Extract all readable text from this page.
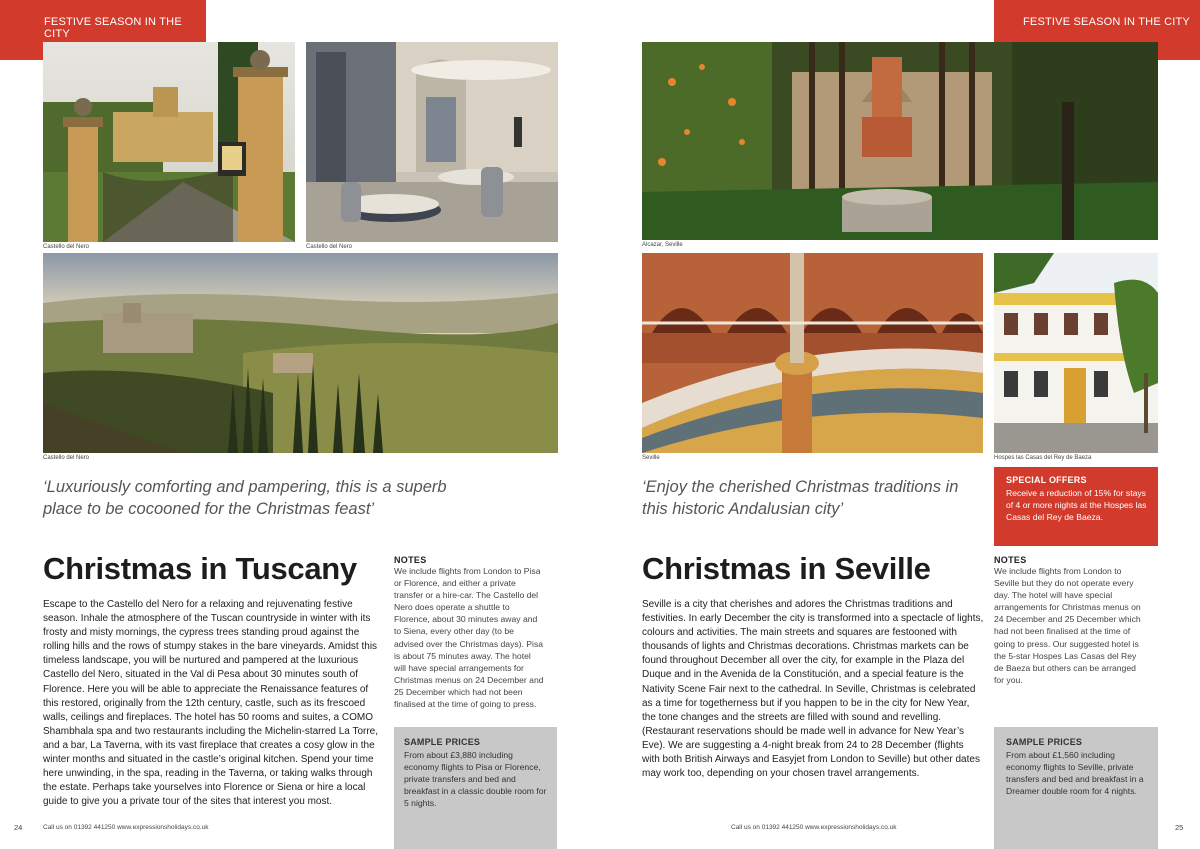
FESTIVE SEASON IN THE CITY
Castello del Nero	Castello del Nero
Castello del Nero
‘Luxuriously comforting and pampering, this is a superb place to be cocooned for the Christmas feast’
Christmas in Tuscany
Escape to the Castello del Nero for a relaxing and rejuvenating festive season. Inhale the atmosphere of the Tuscan countryside in winter with its frosty and misty mornings, the cypress trees standing proud against the rolling hills and the rows of stumpy stakes in the bare vineyards. Amidst this timeless landscape, you will be nurtured and pampered at the luxurious Castello del Nero, situated in the Val di Pesa about 30 minutes south of Florence. Here you will be able to appreciate the Renaissance features of this restored, originally from the 12th century, castle, such as its frescoed walls, ceilings and fireplaces. The hotel has 50 rooms and suites, a COMO Shambhala spa and two restaurants including the Michelin-starred La Torre, and a bar, La Taverna, with its vast fireplace that creates a cosy glow in the winter months and situated in the castle’s original kitchen. Spend your time here unwinding, in the spa, reading in the Taverna, or taking walks through the estate. Perhaps take yourselves into Florence or Siena or hire a local guide to give you a private tour of the sites that interest you most.
NOTES
We include flights from London to Pisa or Florence, and either a private transfer or a hire-car. The Castello del Nero does operate a shuttle to Florence, about 30 minutes away and to Siena, every other day (to be advised over the Christmas days). Pisa is about 75 minutes away. The hotel will have special arrangements for Christmas menus on 24 December and 25 December which had not been finalised at the time of going to press.
SAMPLE PRICES
From about £3,880 including economy flights to Pisa or Florence, private transfers and bed and breakfast in a classic double room for 5 nights.
24	Call us on 01392 441250 www.expressionsholidays.co.uk
FESTIVE SEASON IN THE CITY
Alcazar, Seville
Seville	Hospes las Casas del Rey de Baeza
‘Enjoy the cherished Christmas traditions in this historic Andalusian city’
SPECIAL OFFERS
Receive a reduction of 15% for stays of 4 or more nights at the Hospes las Casas del Rey de Baeza.
Christmas in Seville
Seville is a city that cherishes and adores the Christmas traditions and festivities. In early December the city is transformed into a spectacle of lights, colours and activities. The main streets and squares are festooned with thousands of lights and Christmas decorations. Christmas markets can be found throughout December all over the city, for example in the Plaza del Duque and in the Avenida de la Constitución, and a special feature is the Nativity Scene Fair next to the cathedral. In Seville, Christmas is celebrated as a time for togetherness but if you happen to be in the city for New Year, the tone changes and the streets are filled with sound and revelling. (Restaurant reservations should be made well in advance for New Year’s Eve). We are suggesting a 4-night break from 24 to 28 December (flights with both British Airways and Easyjet from London to Seville) but other dates may work too, depending on your chosen travel arrangements.
NOTES
We include flights from London to Seville but they do not operate every day. The hotel will have special arrangements for Christmas menus on 24 December and 25 December which had not been finalised at the time of going to press. Our suggested hotel is the 5-star Hospes Las Casas del Rey de Baeza but others can be arranged for you.
SAMPLE PRICES
From about £1,560 including economy flights to Seville, private transfers and bed and breakfast in a Dreamer double room for 4 nights.
Call us on 01392 441250 www.expressionsholidays.co.uk	25
